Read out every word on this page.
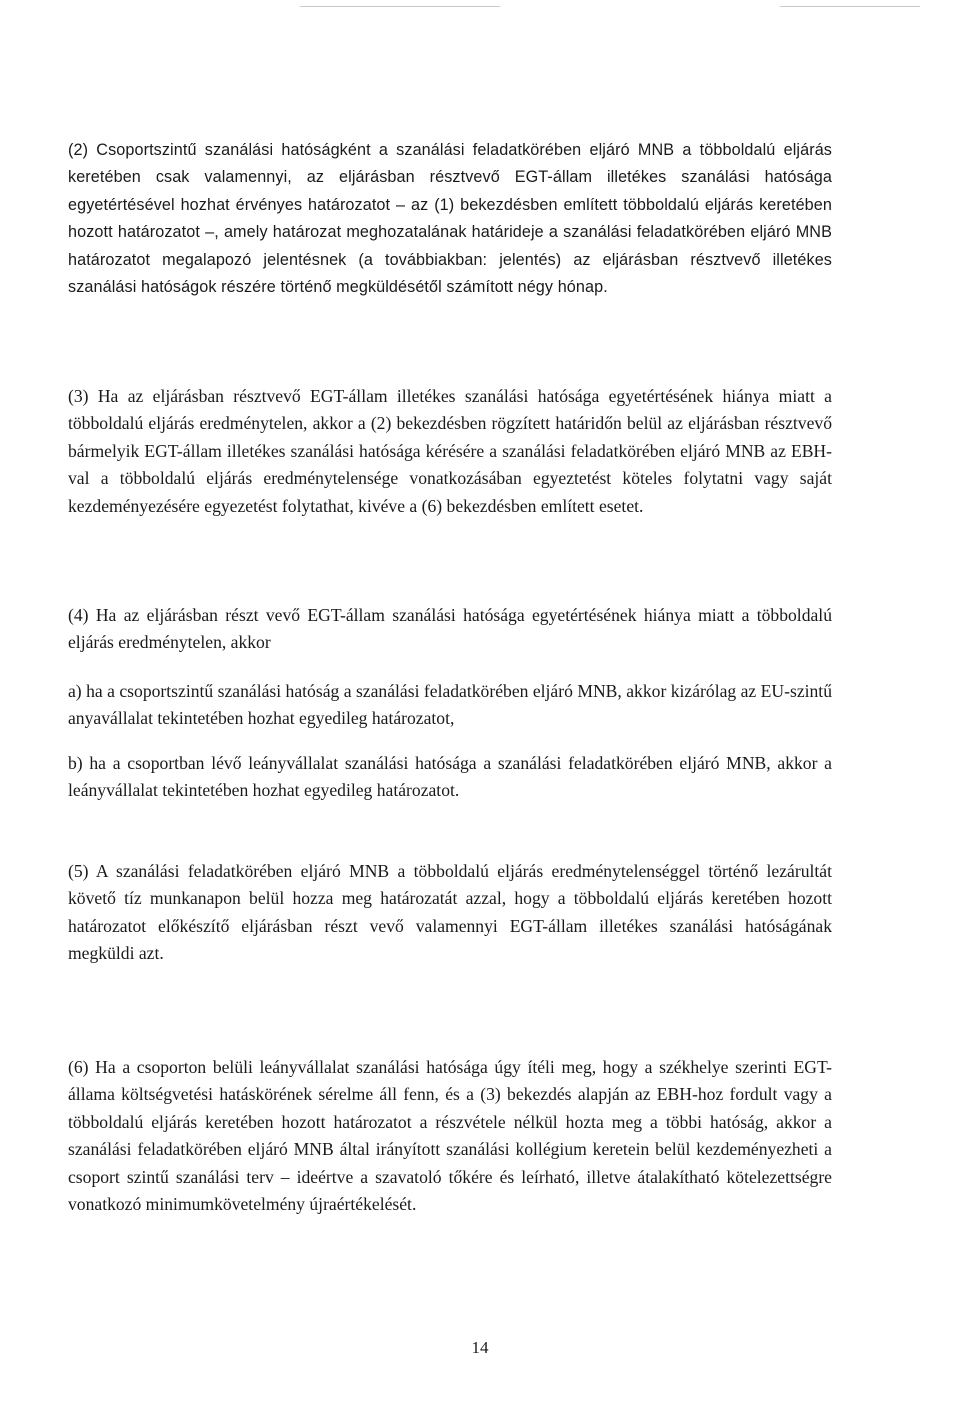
(2) Csoportszintű szanálási hatóságként a szanálási feladatkörében eljáró MNB a többoldalú eljárás keretében csak valamennyi, az eljárásban résztvevő EGT-állam illetékes szanálási hatósága egyetértésével hozhat érvényes határozatot – az (1) bekezdésben említett többoldalú eljárás keretében hozott határozatot –, amely határozat meghozatalának határideje a szanálási feladatkörében eljáró MNB határozatot megalapozó jelentésnek (a továbbiakban: jelentés) az eljárásban résztvevő illetékes szanálási hatóságok részére történő megküldésétől számított négy hónap.

(3) Ha az eljárásban résztvevő EGT-állam illetékes szanálási hatósága egyetértésének hiánya miatt a többoldalú eljárás eredménytelen, akkor a (2) bekezdésben rögzített határidőn belül az eljárásban résztvevő bármelyik EGT-állam illetékes szanálási hatósága kérésére a szanálási feladatkörében eljáró MNB az EBH-val a többoldalú eljárás eredménytelensége vonatkozásában egyeztetést köteles folytatni vagy saját kezdeményezésére egyezetést folytathat, kivéve a (6) bekezdésben említett esetet.

(4) Ha az eljárásban részt vevő EGT-állam szanálási hatósága egyetértésének hiánya miatt a többoldalú eljárás eredménytelen, akkor

a) ha a csoportszintű szanálási hatóság a szanálási feladatkörében eljáró MNB, akkor kizárólag az EU-szintű anyavállalat tekintetében hozhat egyedileg határozatot,

b) ha a csoportban lévő leányvállalat szanálási hatósága a szanálási feladatkörében eljáró MNB, akkor a leányvállalat tekintetében hozhat egyedileg határozatot.

(5) A szanálási feladatkörében eljáró MNB a többoldalú eljárás eredménytelenséggel történő lezárultát követő tíz munkanapon belül hozza meg határozatát azzal, hogy a többoldalú eljárás keretében hozott határozatot előkészítő eljárásban részt vevő valamennyi EGT-állam illetékes szanálási hatóságának megküldi azt.

(6) Ha a csoporton belüli leányvállalat szanálási hatósága úgy ítéli meg, hogy a székhelye szerinti EGT-állama költségvetési hatáskörének sérelme áll fenn, és a (3) bekezdés alapján az EBH-hoz fordult vagy a többoldalú eljárás keretében hozott határozatot a részvétele nélkül hozta meg a többi hatóság, akkor a szanálási feladatkörében eljáró MNB által irányított szanálási kollégium keretein belül kezdeményezheti a csoport szintű szanálási terv – ideértve a szavatoló tőkére és leírható, illetve átalakítható kötelezettségre vonatkozó minimumkövetelmény újraértékelését.

14
